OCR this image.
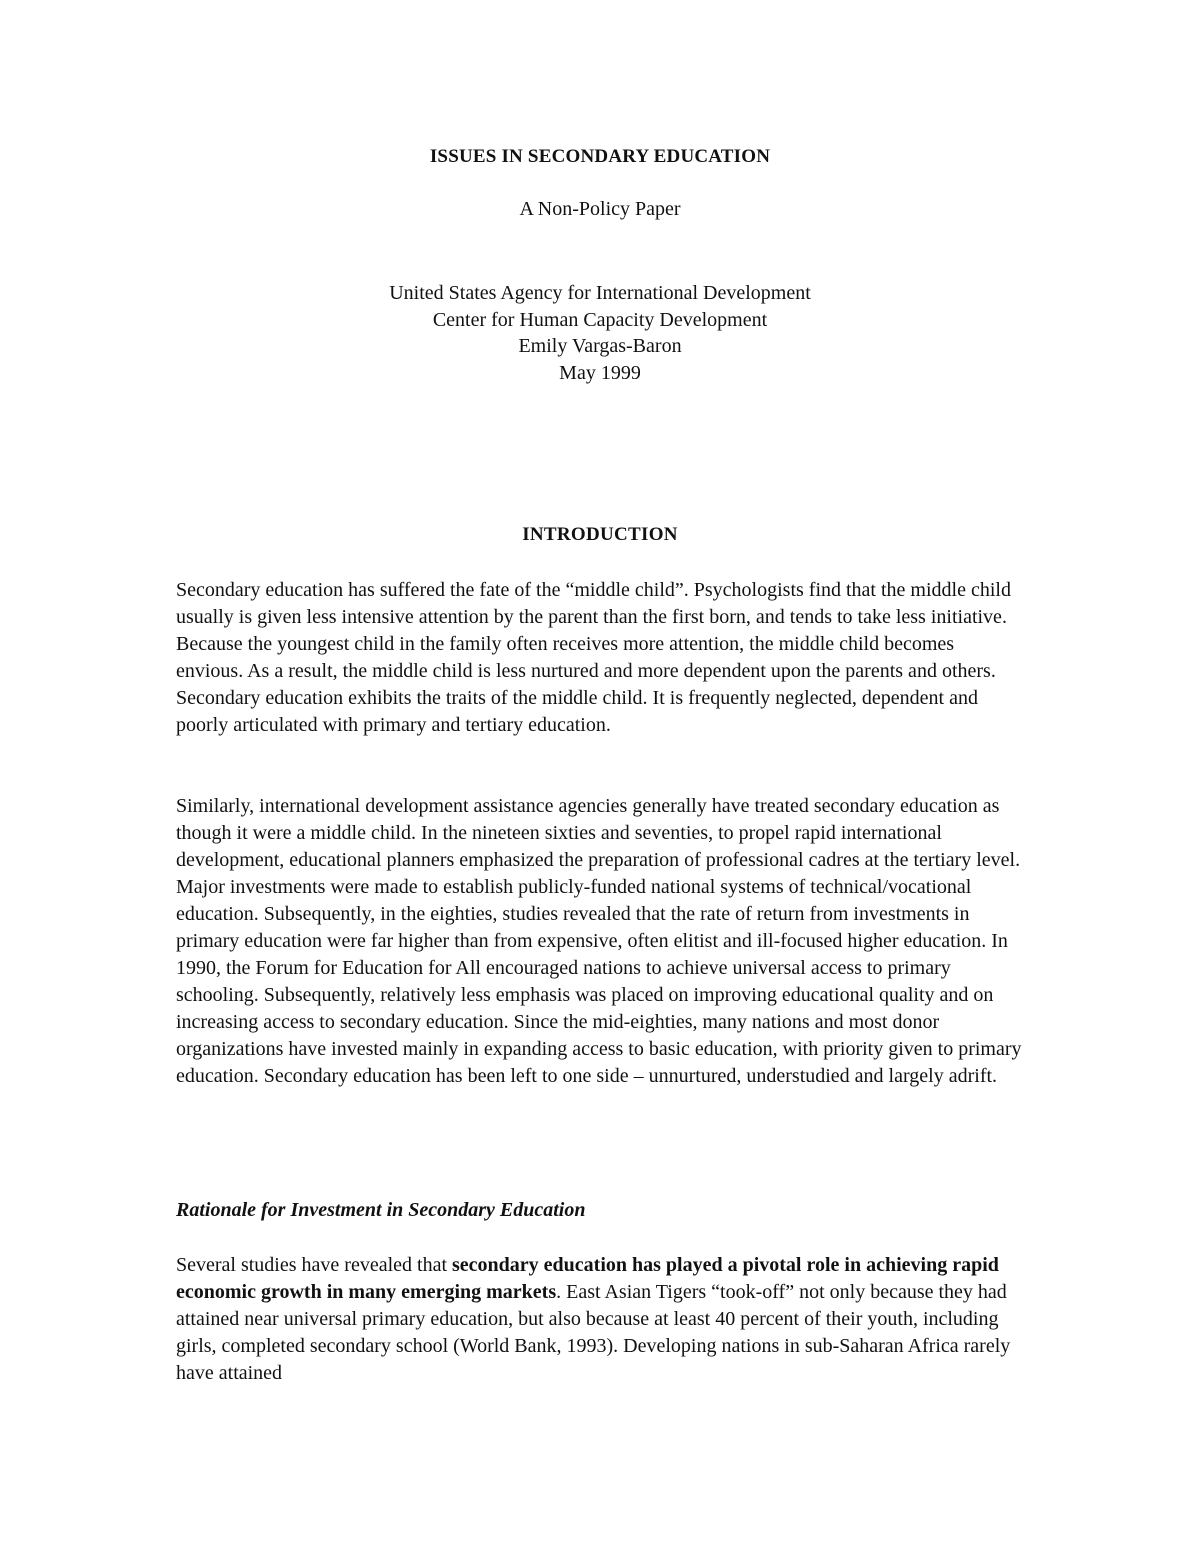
ISSUES IN SECONDARY EDUCATION
A Non-Policy Paper
United States Agency for International Development
Center for Human Capacity Development
Emily Vargas-Baron
May 1999
INTRODUCTION

Secondary education has suffered the fate of the “middle child”. Psychologists find that the middle child usually is given less intensive attention by the parent than the first born, and tends to take less initiative. Because the youngest child in the family often receives more attention, the middle child becomes envious. As a result, the middle child is less nurtured and more dependent upon the parents and others. Secondary education exhibits the traits of the middle child. It is frequently neglected, dependent and poorly articulated with primary and tertiary education.

Similarly, international development assistance agencies generally have treated secondary education as though it were a middle child. In the nineteen sixties and seventies, to propel rapid international development, educational planners emphasized the preparation of professional cadres at the tertiary level. Major investments were made to establish publicly-funded national systems of technical/vocational education. Subsequently, in the eighties, studies revealed that the rate of return from investments in primary education were far higher than from expensive, often elitist and ill-focused higher education. In 1990, the Forum for Education for All encouraged nations to achieve universal access to primary schooling. Subsequently, relatively less emphasis was placed on improving educational quality and on increasing access to secondary education. Since the mid-eighties, many nations and most donor organizations have invested mainly in expanding access to basic education, with priority given to primary education. Secondary education has been left to one side – unnurtured, understudied and largely adrift.

Rationale for Investment in Secondary Education

Several studies have revealed that secondary education has played a pivotal role in achieving rapid economic growth in many emerging markets. East Asian Tigers “took-off” not only because they had attained near universal primary education, but also because at least 40 percent of their youth, including girls, completed secondary school (World Bank, 1993). Developing nations in sub-Saharan Africa rarely have attained
